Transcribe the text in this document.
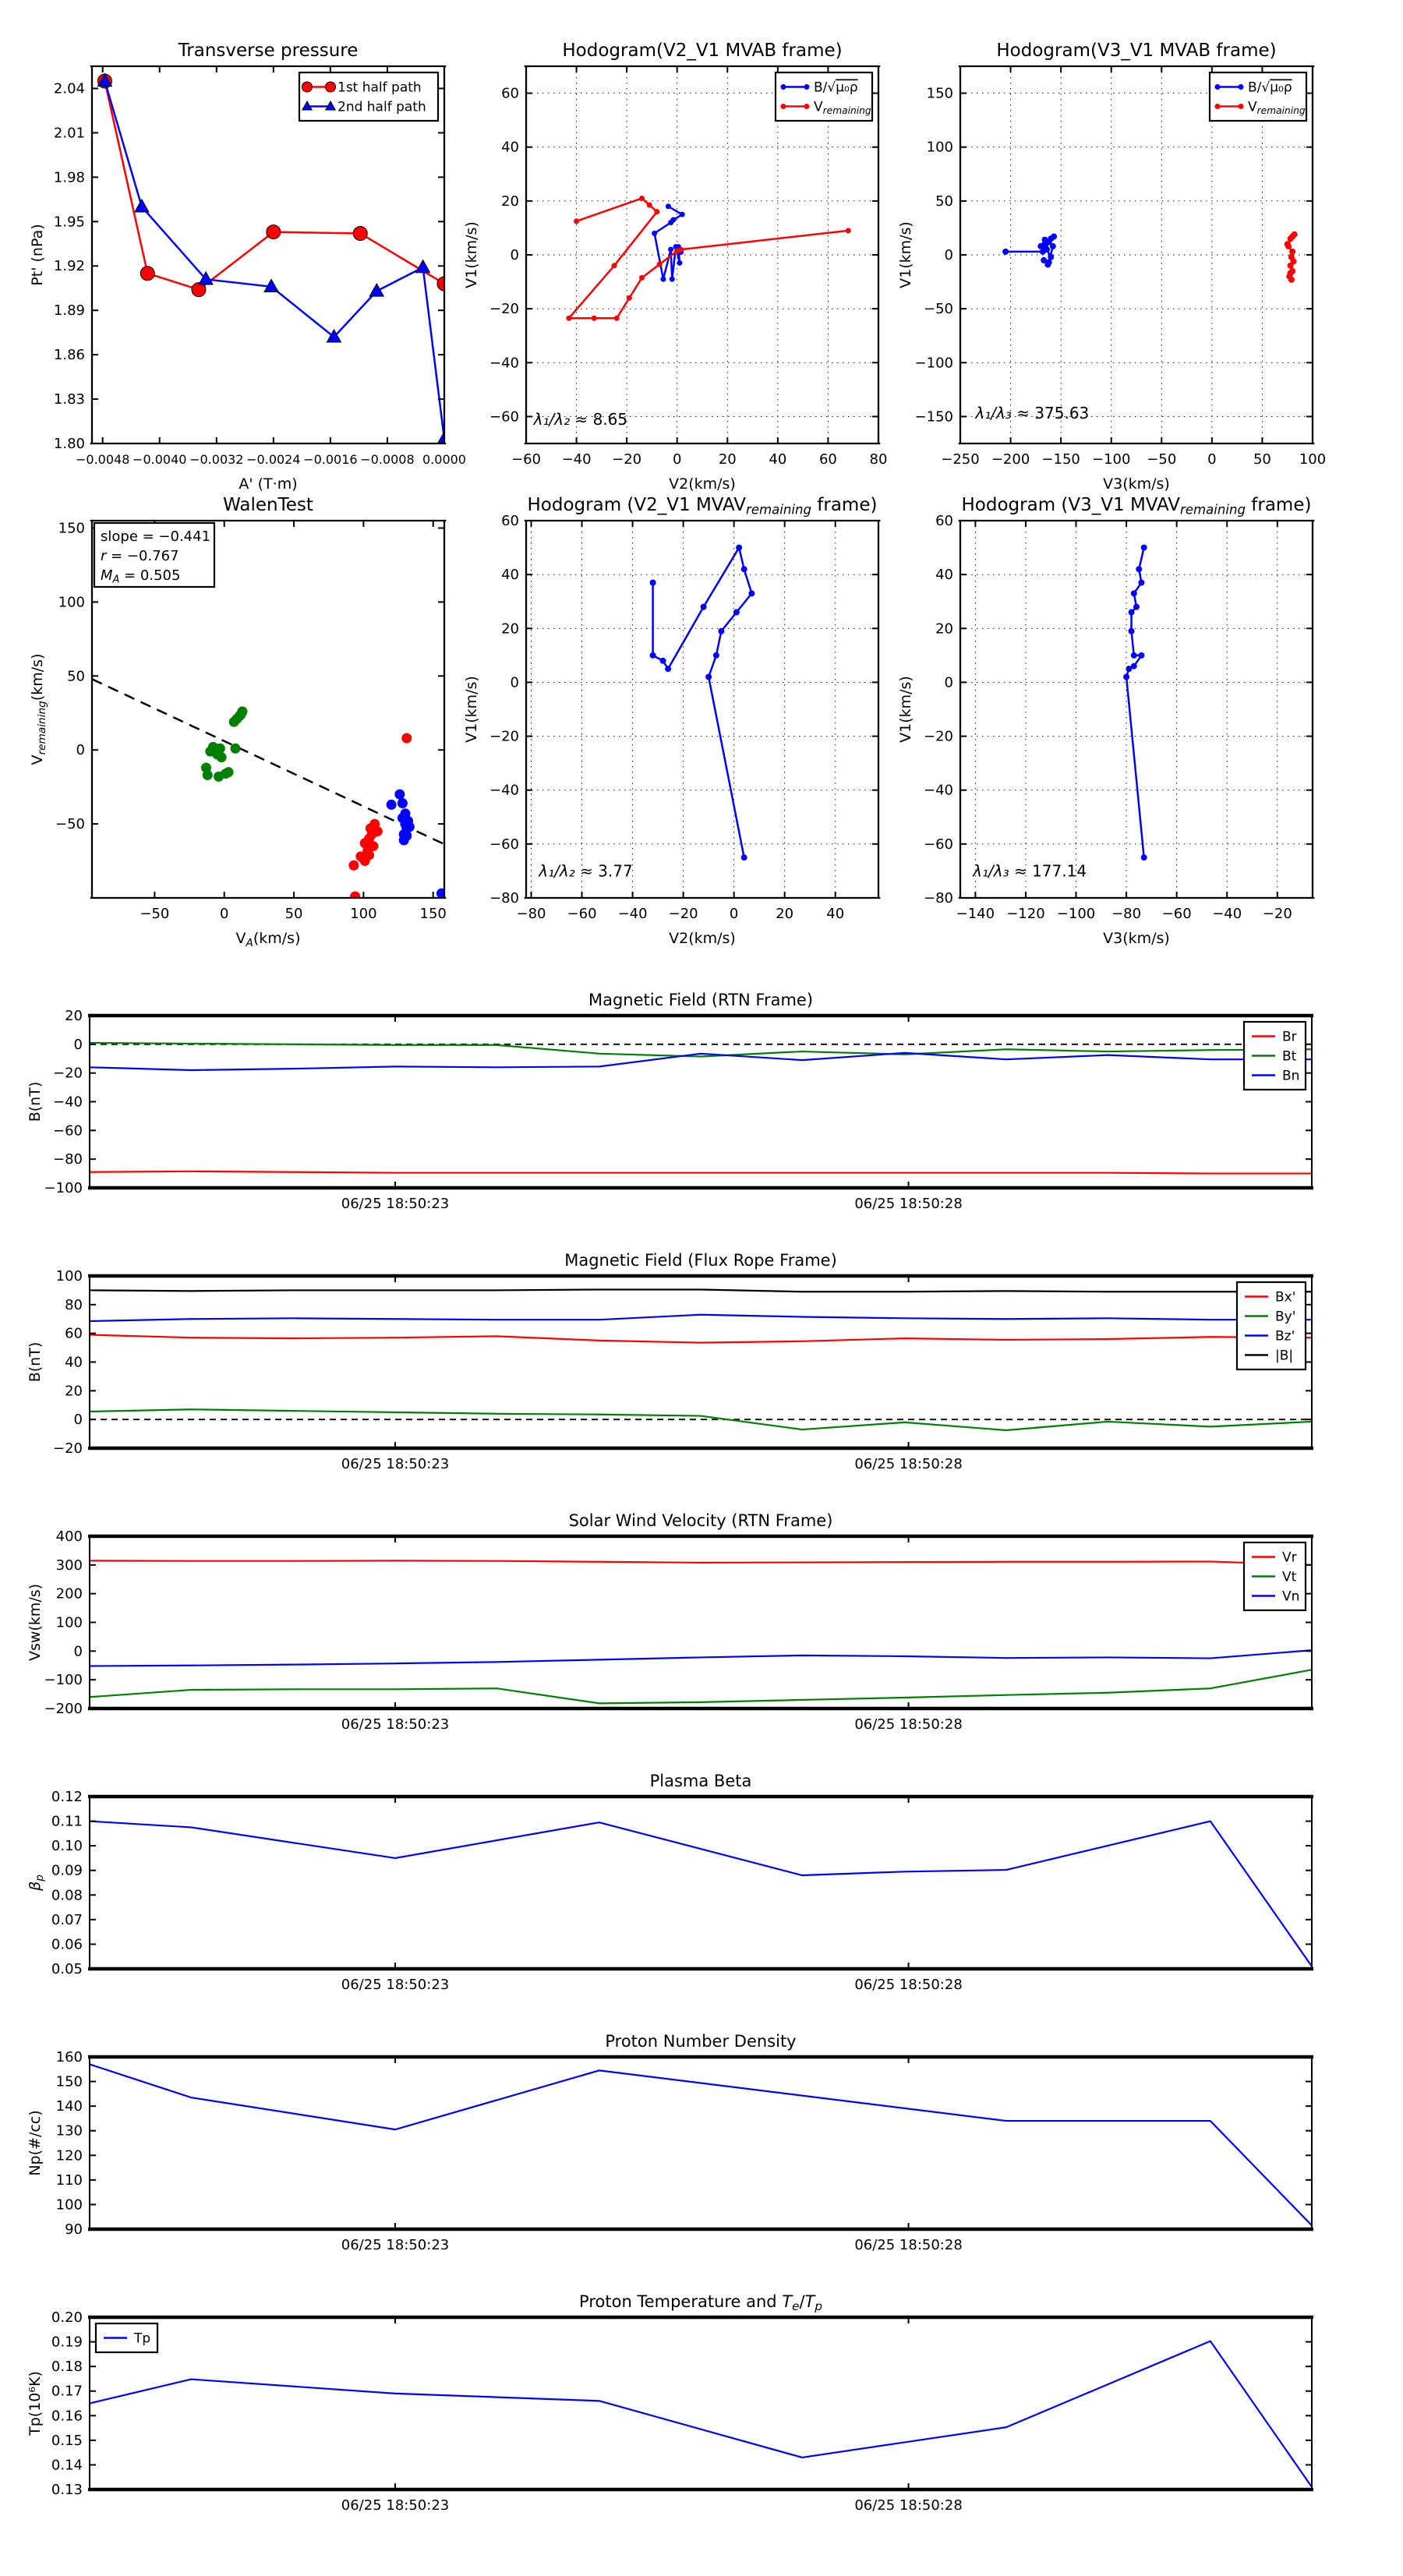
−0.0048 −0.0040 −0.0032 −0.0024 −0.0016 −0.0008 0.0000
1.80
1.83
1.86
1.89
1.92
1.95
1.98
2.01
2.04
Transverse pressure
A' (T·m)
Pt' (nPa)
1st half path
2nd half path
−60 −40 −20 0	20 40 60 80
−60
−40
−20
0
20
40
60
Hodogram(V2_V1 MVAB frame)
V2(km/s)
V1(km/s)
λ₁/λ₂ ≈ 8.65
B/√μ₀ρ
$V_{remaining}$
−250 −200 −150 −100 −50 0	50 100
−150
−100
−50
0
50
100
150
Hodogram(V3_V1 MVAB frame)
V3(km/s)
V1(km/s)
λ₁/λ₃ ≈ 375.63
B/√μ₀ρ
$V_{remaining}$
−50	0	50	100	150
−50
0
50
100
150
WalenTest
$V_A(km/s)$
$V_{remaining}(km/s)$
slope = −0.441
r = −0.767
$M_A = 0.505$
−80 −60 −40 −20 0	20 40
−80
−60
−40
−20
0
20
40
60
Hodogram (V2_V1 $MVAV_{remaining}$ frame)
V2(km/s)
V1(km/s)
λ₁/λ₂ ≈ 3.77
−140 −120 −100 −80 −60 −40 −20
−80
−60
−40
−20
0
20
40
60
Hodogram (V3_V1 $MVAV_{remaining}$ frame)
V3(km/s)
V1(km/s)
λ₁/λ₃ ≈ 177.14
06/25 18:50:23	06/25 18:50:28
−100
−80
−60
−40
−20
0
20
Magnetic Field (RTN Frame)
B(nT)
Br
Bt
Bn
06/25 18:50:23	06/25 18:50:28
−20
0
20
40
60
80
100
Magnetic Field (Flux Rope Frame)
B(nT)
Bx'
By'
Bz'
|B|
06/25 18:50:23	06/25 18:50:28
−200
−100
0
100
200
300
400
Solar Wind Velocity (RTN Frame)
Vsw(km/s)
Vr
Vt
Vn
06/25 18:50:23	06/25 18:50:28
0.05
0.06
0.07
0.08
0.09
0.10
0.11
0.12
Plasma Beta
$\beta_p$
06/25 18:50:23	06/25 18:50:28
90
100
110
120
130
140
150
160
Proton Number Density
Np(#/cc)
06/25 18:50:23	06/25 18:50:28
0.13
0.14
0.15
0.16
0.17
0.18
0.19
0.20
Proton Temperature and $T_e/T_p$
Tp(10⁶K)
Tp
